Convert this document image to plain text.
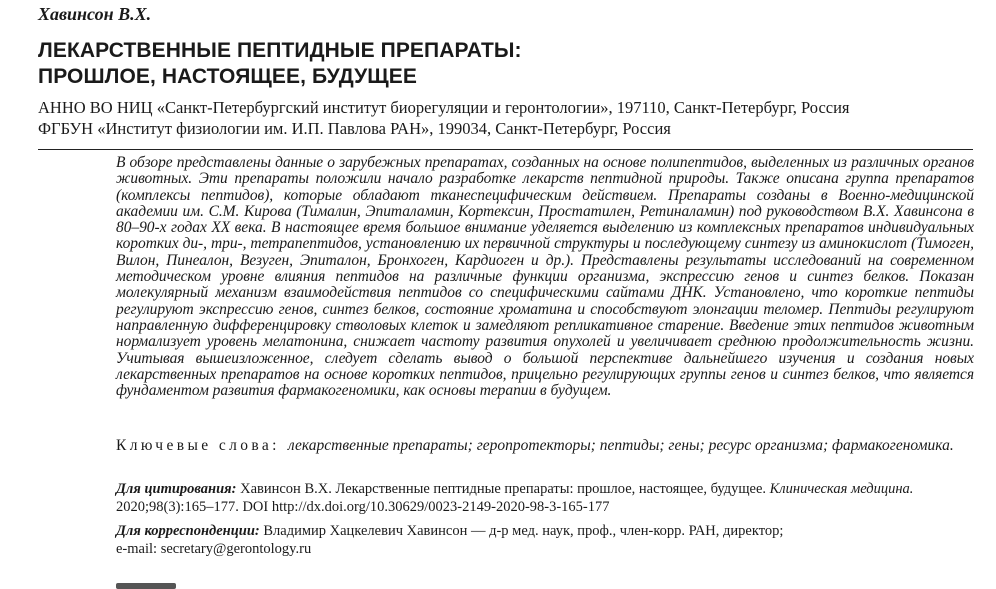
Хавинсон В.Х.
ЛЕКАРСТВЕННЫЕ ПЕПТИДНЫЕ ПРЕПАРАТЫ:
ПРОШЛОЕ, НАСТОЯЩЕЕ, БУДУЩЕЕ
АННО ВО НИЦ «Санкт-Петербургский институт биорегуляции и геронтологии», 197110, Санкт-Петербург, Россия
ФГБУН «Институт физиологии им. И.П. Павлова РАН», 199034, Санкт-Петербург, Россия
В обзоре представлены данные о зарубежных препаратах, созданных на основе полипептидов, выделенных из различных органов животных. Эти препараты положили начало разработке лекарств пептидной природы. Также описана группа препаратов (комплексы пептидов), которые обладают тканеспецифическим действием. Препараты созданы в Военно-медицинской академии им. С.М. Кирова (Тималин, Эпиталамин, Кортексин, Простатилен, Ретиналамин) под руководством В.Х. Хавинсона в 80–90-х годах XX века. В настоящее время большое внимание уделяется выделению из комплексных препаратов индивидуальных коротких ди-, три-, тетрапептидов, установлению их первичной структуры и последующему синтезу из аминокислот (Тимоген, Вилон, Пинеалон, Везуген, Эпиталон, Бронхоген, Кардиоген и др.). Представлены результаты исследований на современном методическом уровне влияния пептидов на различные функции организма, экспрессию генов и синтез белков. Показан молекулярный механизм взаимодействия пептидов со специфическими сайтами ДНК. Установлено, что короткие пептиды регулируют экспрессию генов, синтез белков, состояние хроматина и способствуют элонгации теломер. Пептиды регулируют направленную дифференцировку стволовых клеток и замедляют репликативное старение. Введение этих пептидов животным нормализует уровень мелатонина, снижает частоту развития опухолей и увеличивает среднюю продолжительность жизни. Учитывая вышеизложенное, следует сделать вывод о большой перспективе дальнейшего изучения и создания новых лекарственных препаратов на основе коротких пептидов, прицельно регулирующих группы генов и синтез белков, что является фундаментом развития фармакогеномики, как основы терапии в будущем.
Ключевые слова: лекарственные препараты; геропротекторы; пептиды; гены; ресурс организма; фармакогеномика.
Для цитирования: Хавинсон В.Х. Лекарственные пептидные препараты: прошлое, настоящее, будущее. Клиническая медицина. 2020;98(3):165–177. DOI http://dx.doi.org/10.30629/0023-2149-2020-98-3-165-177
Для корреспонденции: Владимир Хацкелевич Хавинсон — д-р мед. наук, проф., член-корр. РАН, директор;
e-mail: secretary@gerontology.ru
